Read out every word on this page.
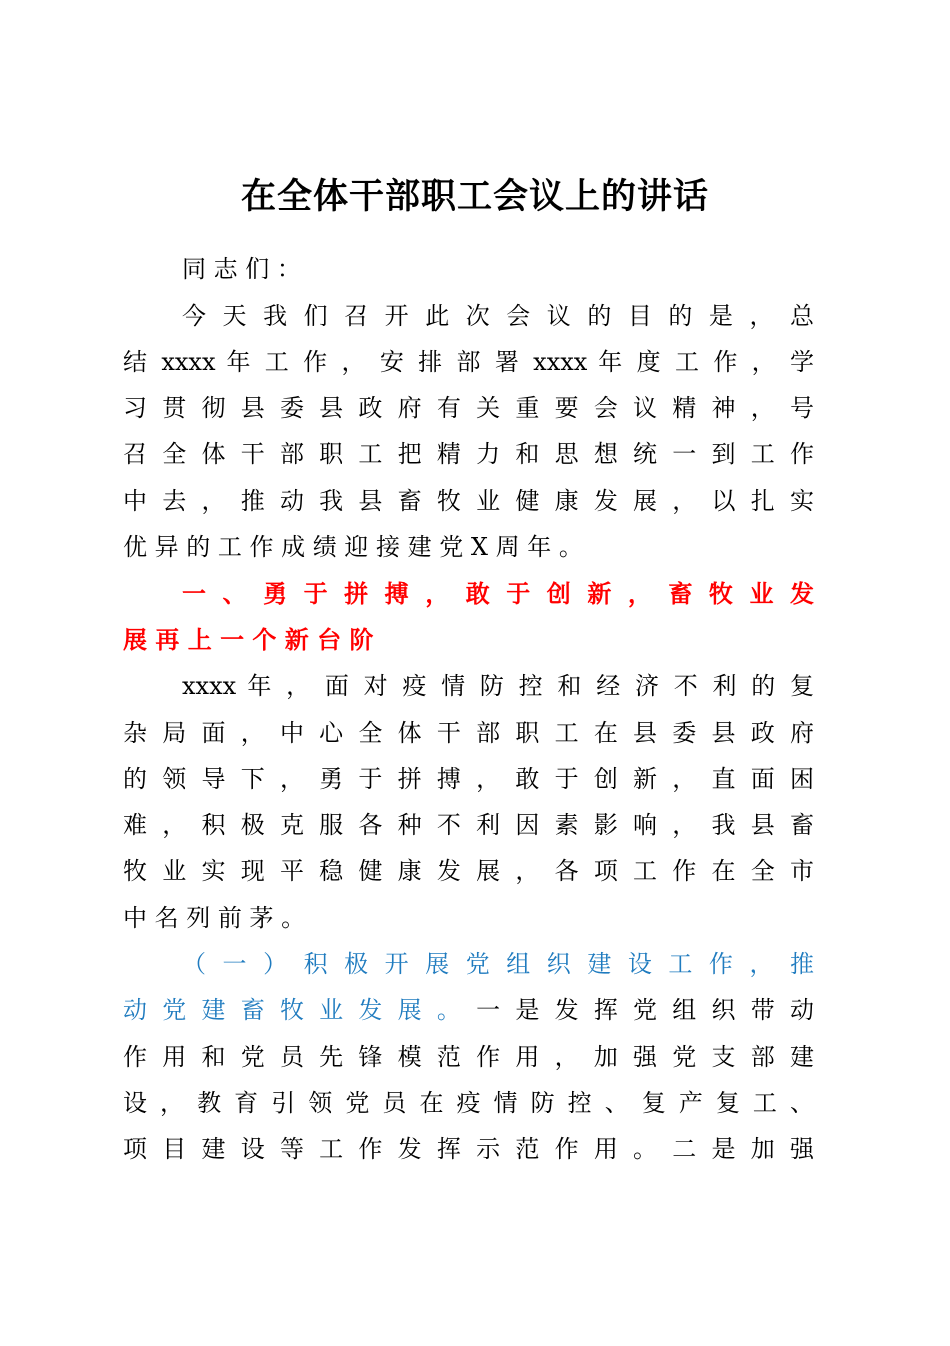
在全体干部职工会议上的讲话
同 志 们 ：
今 天 我 们 召 开 此 次 会 议 的 目 的 是 ， 总
结 xxxx 年 工 作 ， 安 排 部 署 xxxx 年 度 工 作 ， 学
习 贯 彻 县 委 县 政 府 有 关 重 要 会 议 精 神 ， 号
召 全 体 干 部 职 工 把 精 力 和 思 想 统 一 到 工 作
中 去 ， 推 动 我 县 畜 牧 业 健 康 发 展 ， 以 扎 实
优 异 的 工 作 成 绩 迎 接 建 党 X 周 年 。
一 、 勇 于 拼 搏 ， 敢 于 创 新 ， 畜 牧 业 发
展 再 上 一 个 新 台 阶
xxxx 年 ， 面 对 疫 情 防 控 和 经 济 不 利 的 复
杂 局 面 ， 中 心 全 体 干 部 职 工 在 县 委 县 政 府
的 领 导 下 ， 勇 于 拼 搏 ， 敢 于 创 新 ， 直 面 困
难 ， 积 极 克 服 各 种 不 利 因 素 影 响 ， 我 县 畜
牧 业 实 现 平 稳 健 康 发 展 ， 各 项 工 作 在 全 市
中 名 列 前 茅 。
（ 一 ） 积 极 开 展 党 组 织 建 设 工 作 ， 推
动 党 建 畜 牧 业 发 展 。 一 是 发 挥 党 组 织 带 动
作 用 和 党 员 先 锋 模 范 作 用 ， 加 强 党 支 部 建
设 ， 教 育 引 领 党 员 在 疫 情 防 控 、 复 产 复 工 、
项 目 建 设 等 工 作 发 挥 示 范 作 用 。 二 是 加 强
